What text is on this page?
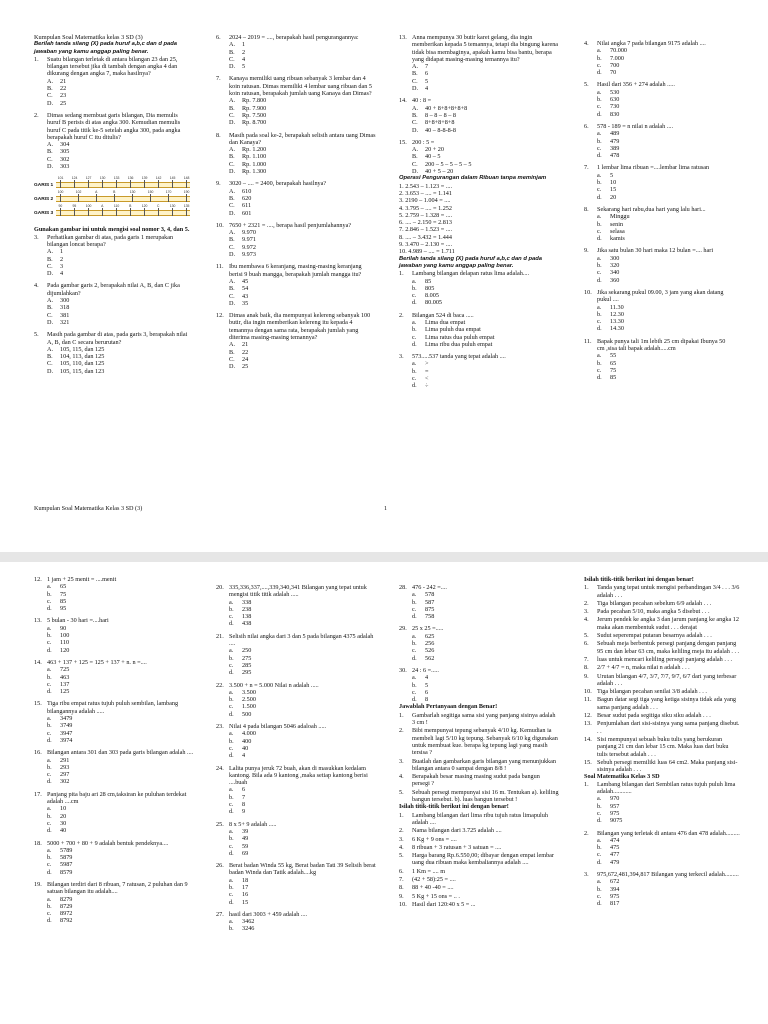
Kumpulan Soal Matematika kelas 3 SD (3)

Berilah tanda silang (X) pada huruf a,b,c dan d pada jawaban yang kamu anggap paling benar.

1.	Suatu bilangan terletak di antara bilangan 23 dan 25, bilangan tersebut jika di tambah dengan angka 4 dan dikurang dengan angka 7, maka hasilnya?
A.	21
B.	22
C.	23
D.	25
2.	Dimas sedang membuat garis bilangan, Dia memulis huruf B perisis di atas angka 300. Kemudian memulis huruf C pada titik ke-5 setelah angka 300, pada angka berapakah huruf C itu ditulis?
A.	304
B.	305
C.	302
D.	303
GARIS 1
101 124 127 130 133 136 139 142 145 148
GARIS 2
100	102	A	B	130	150	170	190
GARIS 3
90	95	100	A	110	B	120	C	130 135

Gunakan gambar ini untuk mengisi soal nomor 3, 4, dan 5.

3.	Perhatikan gambar di atas, pada garis 1 merupakan bilangan loncat berapa?
A.	1
B.	2
C.	3
D.	4
4.	Pada gambar garis 2, berapakah nilai A, B, dan C jika dijumlahkan?
A.	300
B.	318
C.	381
D.	321
5.	Masih pada gambar di atas, pada garis 3, berapakah nilai A, B, dan C secara berurutan?
A.	105, 115, dan 125
B.	104, 113, dan 125
C.	105, 110, dan 125
D.	105, 115, dan 123
6.	2024 – 2019 = ...., berapakah hasil pengurangannya:
A.	1
B.	2
C.	4
D.	5
7.	Kanaya memiliki uang ribuan sebanyak 3 lembar dan 4 koin ratusan. Dimas memiliki 4 lembar uang ribuan dan 5 koin ratusan, berapakah jumlah uang Kanaya dan Dimas?
A.	Rp. 7.800
B.	Rp. 7.900
C.	Rp. 7.500
D.	Rp. 8.700
8.	Masih pada soal ke-2, berapakah selisih antara uang Dimas dan Kanaya?
A.	Rp. 1.200
B.	Rp. 1.100
C.	Rp. 1.000
D.	Rp. 1.300
9.	3020 – .... = 2400, berapakah hasilnya?
A.	610
B.	620
C.	611
D.	601
10. 7650 + 2321 = ...., berapa hasil penjumlahannya?
A.	9.970
B.	9.971
C.	9.972
D.	9.973
11. Ibu membawa 6 keranjang, masing-masing keranjang berisi 9 buah mangga, berapakah jumlah mangga itu?
A.	45
B.	54
C.	43
D.	35
12. Dimas anak baik, dia mempunyai kelereng sebanyak 100 butir, dia ingin memberikan kelereng itu kepada 4 temannya dengan sama rata, berapakah jumlah yang diterima masing-masing temannya?
A.	21
B.	22
C.	24
D.	25
13. Anna mempunya 30 butir karet gelang, dia ingin memberikan kepada 5 temannya, tetapi dia bingung karena tidak bisa membaginya, apakah kamu bisa bantu, berapa yang didapat masing-masing temannya itu?
A.	7
B.	6
C.	5
D.	4
14. 40 : 8 =
A.	40 + 8+8+8+8+8
B.	8 – 8 – 8 – 8
C.	8+8+8+8+8
D.	40 – 8-8-8-8
15. 200 : 5 =
A.	20 + 20
B.	40 – 5
C.	200 – 5 – 5 – 5 – 5
D.	40 + 5 – 20

Operasi Pengurangan dalam Ribuan tanpa meminjam

1. 2.543 – 1.123 = ....

2. 3.653 – .... = 1.141

3. 2190 – 1.004 = ....

4. 3.795 – .... = 1.252

5. 2.759 – 1.328 = ....

6. .... – 2.150 = 2.813

7. 2.846 – 1.523 = ....

8. .... – 3.432 = 1.444

9. 3.470 – 2.130 = ....

10. 4.989 – .... = 1.711

Berilah tanda silang (X) pada huruf a,b,c dan d pada jawaban yang kamu anggap paling benar.

1.	Lambang bilangan delapan ratus lima adalah....
a.	85
b.	805
c.	8.005
d.	80.005
2.	Bilangan 524 di baca .....
a.	Lima dua empat
b.	Lima puluh dua empat
c.	Lima ratus dua puluh empat
d.	Lima ribu dua puluh empat
3.	573.....537 tanda yang tepat adalah ....
a.	>
b.	=
c.	<
d.	÷
4.	Nilai angka 7 pada bilangan 9175 adalah ....
a.	70.000
b.	7.000
c.	700
d.	70
5.	Hasil dari 356 + 274 adalah .....
a.	530
b.	630
c.	730
d.	830
6.	578 - 189 = n nilai n adalah ....
a.	489
b.	479
c.	389
d.	478
7.	1 lembar lima ribuan =....lembar lima ratusan
a.	5
b.	10
c.	15
d.	20
8.	Sekarang hari rabu,dua hari yang lalu hari...
a.	Minggu
b.	senin
c.	selasa
d.	kamis
9.	Jika satu bulan 30 hari maka 12 bulan =.... hari
a.	300
b.	320
c.	340
d.	360
10. Jika sekarang pukul 09.00, 3 jam yang akan datang pukul ....
a.	11.30
b.	12.30
c.	13.30
d.	14.30
11. Bapak punya tali 1m lebih 25 cm dipakai Ibunya 50 cm ,sisa tali bapak adalah.....cm
a.	55
b.	65
c.	75
d.	85
Kumpulan Soal Matematika Kelas 3 SD (3)	1
12. 1 jam + 25 menit = ....menit
a.	65
b.	75
c.	85
d.	95
13. 5 bulan - 30 hari =....hari
a.	90
b.	100
c.	110
d.	120
14. 463 + 137 + 125 = 125 + 137 + n. n =....
a.	725
b.	463
c.	137
d.	125
15. Tiga ribu empat ratus tujuh puluh sembilan, lambang bilangannya adalah .....
a.	3479
b.	3749
c.	3947
d.	3974
16. Bilangan antara 301 dan 303 pada garis bilangan adalah ....
a.	291
b.	293
c.	297
d.	302
17. Panjang pita baju ari 28 cm,taksiran ke puluhan terdekat adalah ....cm
a.	10
b.	20
c.	30
d.	40
18. 5000 + 700 + 80 + 9 adalah bentuk pendeknya....
a.	5789
b.	5879
c.	5987
d.	8579
19. Bilangan terdiri dari 8 ribuan, 7 ratusan, 2 puluhan dan 9 satuan bilangan itu adalah....
a.	8279
b.	8729
c.	8972
d.	8792
20. 335,336,337,....,339,340,341 Bilangan yang tepat untuk mengisi titik titik adalah .....
a.	338
b.	238
c.	138
d.	438
21. Selisih nilai angka dari 3 dan 5 pada bilangan 4375 adalah ....
a.	250
b.	275
c.	285
d.	295
22. 3.500 + n = 5.000 Nilai n adalah .....
a.	3.500
b.	2.500
c.	1.500
d.	500
23. Nilai 4 pada bilangan 5046 adaloah .....
a.	4.000
b.	400
c.	40
d.	4
24. Lalita punya jeruk 72 buah, akan di masukkan kedalam kantong. Bila ada 9 kantong ,maka setiap kantong berisi ....buah
a.	6
b.	7
c.	8
d.	9
25. 8 x 5+ 9 adalah .....
a.	39
b.	49
c.	59
d.	69
26. Berat badan Winda 55 kg, Berat badan Tati 39 Selisih berat badan Winda dan Tatik adalah....kg
a.	18
b.	17
c.	16
d.	15
27. hasil dari 3003 + 459 adalah ....
a.	3462
b.	3246
28. 476 - 242 =....
a.	578
b.	587
c.	875
d.	758
29. 25 x 25 =.....
a.	625
b.	256
c.	526
d.	562
30. 24 : 6 =.....
a.	4
b.	5
c.	6
d.	8

Jawablah Pertanyaan dengan Benar!

1.	Gambarlah segitiga sama sisi yang panjang sisinya adalah 3 cm !
2.	Bibi mempunyai tepung sebanyak 4/10 kg. Kemudian ia membeli lagi 5/10 kg tepung. Sebanyak 6/10 kg digunakan untuk membuat kue. berapa kg tepung lagi yang masih tersisa ?
3.	Buatlah dan gambarkan garis bilangan yang menunjukkan bilangan antara 0 sampai dengan 8/8 !
4.	Berapakah besar masing masing sudut pada bangun persegi ?
5.	Sebuah persegi mempunyai sisi 16 m. Tentukan a). keliling bangun tersebut. b). luas bangun tersebut !

Isilah titik-titik berikut ini dengan benar!

1.	Lambang bilangan dari lima ribu tujuh ratus limapuluh adalah ....
2.	Nama bilangan dari 3.725 adalah ....
3.	6 Kg + 9 ons = ....
4.	8 ribuan + 3 ratusan + 3 satuan = ....
5.	Harga barang Rp.6.550,00; dibayar dengan empat lembar uang dua ribuan maka kembaliannya adalah ....
6.	1 Km = .... m
7.	(42 + 58):25 = ....
8.	88 + 40 -40 = ....
9.	5 Kg + 15 ons = .. .
10. Hasil dari 120:40 x 5 = ...

Isilah titik-titik berikut ini dengan benar!

1.	Tanda yang tepat untuk mengisi perbandingan 3/4 . . . 3/6 adalah . . .
2.	Tiga bilangan pecahan sebelum 6/9 adalah . . .
3.	Pada pecahan 5/10, maka angka 5 disebut . . .
4.	Jerum pendek ke angka 3 dan jarum panjang ke angka 12 maka akan membentuk sudut . . . derajat
5.	Sudut seperempat putaran besarnya adalah . . .
6.	Sebuah meja berbentuk persegi panjang dengan panjang 95 cm dan lebar 63 cm, maka keliling meja itu adalah . . .
7.	luas untuk mencari keliling persegi panjang adalah . . .
8.	2/7 + 4/7 = n, maka nilai n adalah . . .
9.	Urutan bilangan 4/7, 3/7, 7/7, 9/7, 6/7 dari yang terbesar adalah . . .
10. Tiga bilangan pecahan senilai 3/8 adalah . . .
11. Bagun datar segi tiga yang ketiga sisinya tidak ada yang sama panjang adalah . . .
12. Besar sudut pada segitiga siku siku adalah . . .
13. Penjumlahan dari sisi-sisinya yang sama panjang disebut. . .
14. Sisi mempunyai sebuah buku tulis yang berukuran panjang 21 cm dan lebar 15 cm. Maka luas dari buku tulis tersebut adalah . . .
15. Sebuh persegi memiliki luas 64 cm2. Maka panjang sisi-sisinya adalah . . .

Soal Matematika Kelas 3 SD

1.	Lambang bilangan dari Sembilan ratus tujuh puluh lima adalah............
a.	970
b.	957
c.	975
d.	9075
2.	Bilangan yang terletak di antara 476 dan 478 adalah.........
a.	474
b.	475
c.	477
d.	479
3.	975,672,481,394,817 Bilangan yang terkecil adalah.........
a.	672
b.	394
c.	975
d.	817
